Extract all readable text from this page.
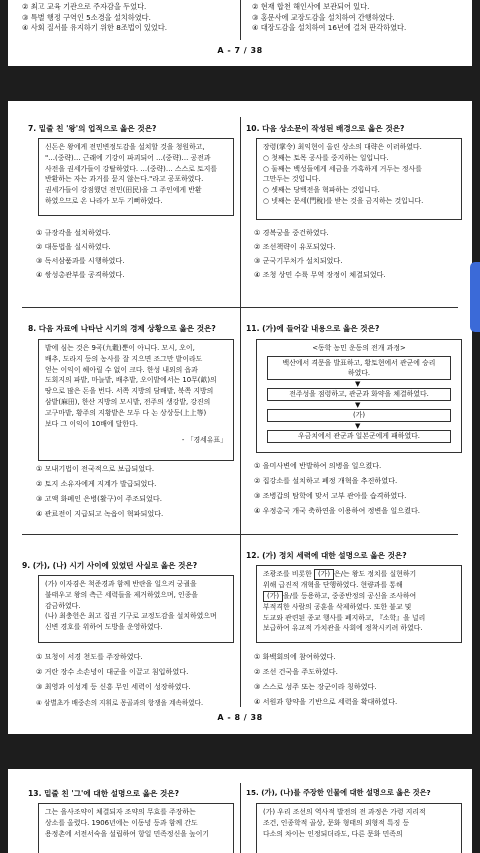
② 최고 교육 기관으로 주자감을 두었다.
③ 특별 행정 구역인 5소경을 설치하였다.
④ 사회 질서를 유지하기 위한 8조법이 있었다.
② 현재 합천 해인사에 보관되어 있다.
③ 홍문사에 교장도감을 설치하여 간행하였다.
④ 대장도감을 설치하여 16년에 걸쳐 판각하였다.
A - 7 / 38
7. 밑줄 친 '왕'의 업적으로 옳은 것은?
신돈은 왕에게 전민변정도감을 설치할 것을 청원하고,
"…(중략)… 근래에 기강이 파괴되어 …(중략)… 공전과
사전을 권세가들이 강탈하였다. …(중략)… 스스로 토지를
반환하는 자는 과거를 묻지 않는다."라고 공포하였다.
권세가들이 강점했던 전민(田民)을 그 주인에게 반환
하였으므로 온 나라가 모두 기뻐하였다.
① 규장각을 설치하였다.
② 대동법을 실시하였다.
③ 독서삼품과를 시행하였다.
④ 쌍성총관부를 공격하였다.
10. 다음 상소문이 작성된 배경으로 옳은 것은?
장령(掌令) 최익현이 올린 상소의 대략은 이러하였다.
○ 첫째는 토목 공사를 중지하는 일입니다.
○ 둘째는 백성들에게 세금을 가혹하게 거두는 정사를
그만두는 것입니다.
○ 셋째는 당백전을 혁파하는 것입니다.
○ 넷째는 문세(門稅)를 받는 것을 금지하는 것입니다.
① 경복궁을 중건하였다.
② 조선책략이 유포되었다.
③ 군국기무처가 설치되었다.
④ 조청 상민 수륙 무역 장정이 체결되었다.
8. 다음 자료에 나타난 시기의 경제 상황으로 옳은 것은?
밭에 심는 것은 9곡(九穀)뿐이 아니다. 모시, 오이,
배추, 도라지 등의 농사를 잘 지으면 조그만 밭이라도
얻는 이익이 헤아릴 수 없이 크다. 한성 내외의 읍과
도회지의 파밭, 마늘밭, 배추밭, 오이밭에서는 10무(畝)의
땅으로 많은 돈을 번다. 서쪽 지방의 담배밭, 북쪽 지방의
삼밭(麻田), 한산 지방의 모시밭, 전주의 생강밭, 강진의
고구마밭, 황주의 지황밭은 모두 다 논 상상등(上上等)
보다 그 이익이 10배에 달한다.
- 「경세유표」
① 모내기법이 전국적으로 보급되었다.
② 토지 소유자에게 지계가 발급되었다.
③ 고액 화폐인 은병(활구)이 주조되었다.
④ 관료전이 지급되고 녹읍이 혁파되었다.
11. (가)에 들어갈 내용으로 옳은 것은?
<동학 농민 운동의 전개 과정>
백산에서 격문을 발표하고, 황토현에서 관군에 승리하였다.
▼
전주성을 점령하고, 관군과 화약을 체결하였다.
▼
(가)
▼
우금치에서 관군과 일본군에게 패하였다.
① 을미사변에 반발하여 의병을 일으켰다.
② 집강소를 설치하고 폐정 개혁을 추진하였다.
③ 조병갑의 탐학에 맞서 고부 관아를 습격하였다.
④ 우정총국 개국 축하연을 이용하여 정변을 일으켰다.
9. (가), (나) 시기 사이에 있었던 사실로 옳은 것은?
(가) 이자겸은 척준경과 함께 반란을 일으켜 궁궐을
불태우고 왕의 측근 세력들을 제거하였으며, 인종을
감금하였다.
(나) 최충헌은 최고 집권 기구로 교정도감을 설치하였으며
신변 경호를 위하여 도방을 운영하였다.
① 묘청이 서경 천도를 주장하였다.
② 거란 장수 소손녕이 대군을 이끌고 침입하였다.
③ 최영과 이성계 등 신흥 무인 세력이 성장하였다.
④ 삼별초가 배중손의 지휘로 몽골과의 항쟁을 계속하였다.
12. (가) 정치 세력에 대한 설명으로 옳은 것은?
조광조를 비롯한 (가) 은/는 왕도 정치를 실현하기
위해 급진적 개혁을 단행하였다. 현량과를 통해
(가) 을/를 등용하고, 중종반정의 공신을 조사하여
부적격한 사람의 공훈을 삭제하였다. 또한 불교 및
도교와 관련된 종교 행사를 폐지하고, 『소학』을 널리
보급하여 유교적 가치관을 사회에 정착시키려 하였다.
① 화백회의에 참여하였다.
② 조선 건국을 주도하였다.
③ 스스로 성주 또는 장군이라 칭하였다.
④ 서원과 향약을 기반으로 세력을 확대하였다.
A - 8 / 38
13. 밑줄 친 '그'에 대한 설명으로 옳은 것은?
그는 을사조약이 체결되자 조약의 무효를 주장하는
상소를 올렸다. 1906년에는 이동녕 등과 함께 간도
용정촌에 서전서숙을 설립하여 항일 민족정신을 높이기
15. (가), (나)를 주장한 인물에 대한 설명으로 옳은 것은?
(가) 우리 조선의 역사적 발전의 전 과정은 가령 지리적
조건, 인종학적 골상, 문화 형태의 외형적 특징 등
다소의 차이는 인정되더라도, 다른 문화 민족의
